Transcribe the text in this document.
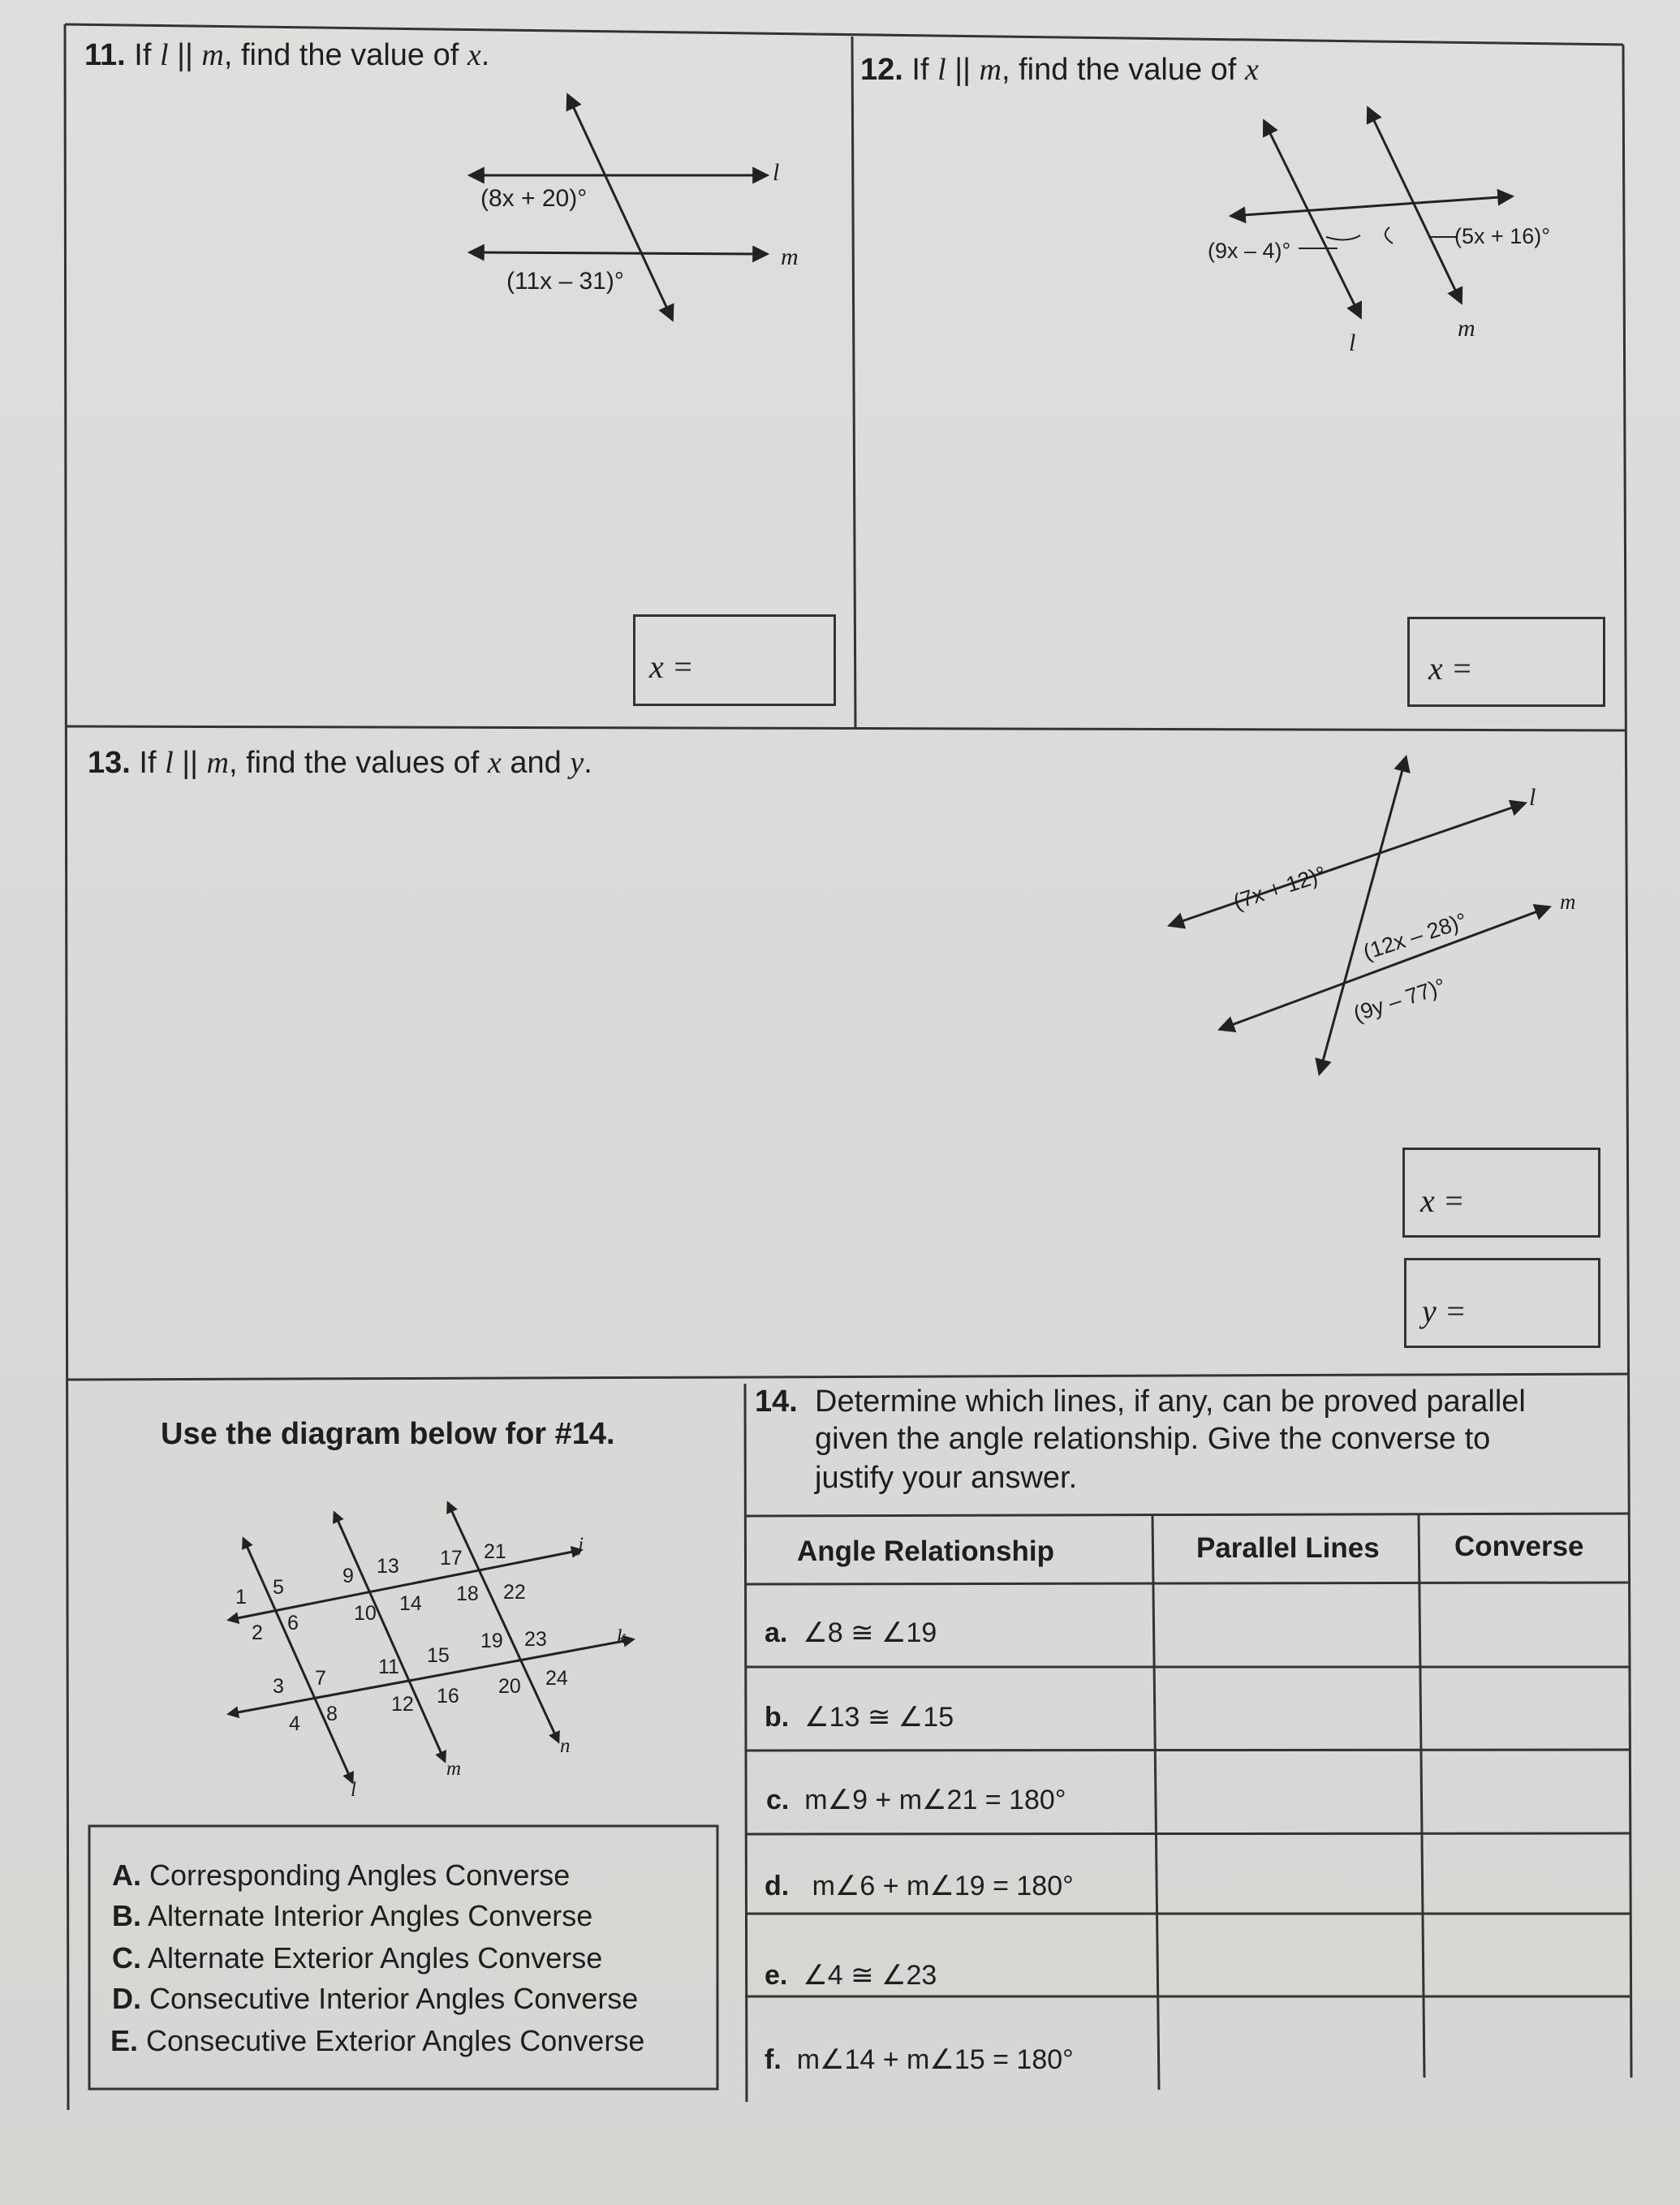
11. If l || m, find the value of x.
(8x + 20)°
(11x – 31)°
l
m
x =
12. If l || m, find the value of x
(9x – 4)°
(5x + 16)°
l
m
x =
13. If l || m, find the values of x and y.
(7x + 12)°
(12x – 28)°
(9y – 77)°
l
m
x =
y =
Use the diagram below for #14.
14. Determine which lines, if any, can be proved parallel
given the angle relationship. Give the converse to
justify your answer.
j
k
l
m
n
1
2
3
4
5
6
7
8
9
10
11
12
13
14
15
16
17
18
19
20
21
22
23
24
Angle Relationship	Parallel Lines	Converse
a. ∠8 ≅ ∠19
b. ∠13 ≅ ∠15
c. m∠9 + m∠21 = 180°
d. m∠6 + m∠19 = 180°
e. ∠4 ≅ ∠23
f. m∠14 + m∠15 = 180°
A. Corresponding Angles Converse
B. Alternate Interior Angles Converse
C. Alternate Exterior Angles Converse
D. Consecutive Interior Angles Converse
E. Consecutive Exterior Angles Converse
